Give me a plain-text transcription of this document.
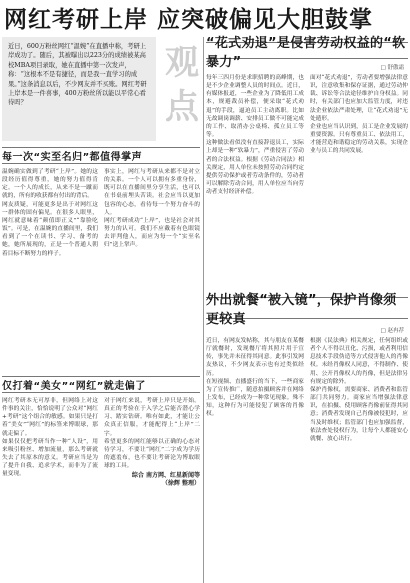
网红考研上岸 应突破偏见大胆鼓掌
近日，600万粉丝网红“温婉”在直播中称，考研上岸成功了。随后，其被曝出以223分的成绩被某高校MBA项目录取，她在直播中第一次发声，称：“这根本不是有捷径，而是我一直学习的成果。”这条消息以后，不少网友并不买账。网红考研上岸本是一件喜事，400万粉丝所以能以平常心看待吗？
观点
每一次“实至名归”都值得掌声

温婉确实做到了考研“上岸”。她的这段经历值得尊重，她的努力值得肯定。一个人的成长，从来不是一蹴而就的，所有的收获都有付出的背后。

网友质疑，可能更多是出于对网红这一群体的固有偏见。在很多人眼里，网红就意味着“颜值即正义”“靠脸吃饭”。可是，在温婉的直播间里，我们看到了一个在读书、学习、备考的她，她所展现的，正是一个普通人朝着目标不断努力的样子。

事实上，网红与考研从来都不是对立的关系。一个人可以拥有多重身份，既可以在直播间里分享生活，也可以在书桌前埋头苦读。社会应当以更加包容的心态，看待每一个努力奋斗的人。

网红考研成功“上岸”，也是社会对其努力的认可。我们不应戴着有色眼镜去评判他人，而应为每一个“实至名归”送上掌声。

仅打着“美女”“网红”就走偏了

网红考研本无可厚非，但网络上对这件事的关注，恰恰说明了公众对“网红+考研”这个组合的敏感。如果只是打着“美女”“网红”的标签来博眼球，那就走偏了。

如果仅仅把考研当作一种“人设”，用来吸引粉丝、增加流量，那么考研就失去了其原本的意义。考研应当是为了提升自我、追求学术，而非为了流量变现。

对于网红来说，考研上岸只是开始。真正的考验在于入学之后能否潜心学习、踏实钻研。唯有如此，才能让公众真正信服，才能配得上“上岸”二字。

希望更多的网红能够以正确的心态对待学习，不要让“网红”二字成为学历的遮羞布，也不要让考研沦为博取眼球的工具。

综合 南方网、红星新闻等
（徐辉 整理）
“花式劝退”是侵害劳动权益的“软暴力”	□ 舒傲霜

每年三四月份是求职招聘的高峰期，也是不少企业调整人员的时间点。近日，有媒体报道，一些企业为了降低用工成本，规避裁员补偿，便采取“花式劝退”的手段，逼迫员工主动离职。比如无故调岗调薪、安排员工做不可能完成的工作、取消办公桌椅、孤立员工等等。

这种做法看似没有直接辞退员工，实际上却是一种“软暴力”，严重侵害了劳动者的合法权益。根据《劳动合同法》相关规定，用人单位未按照劳动合同约定提供劳动保护或者劳动条件的，劳动者可以解除劳动合同，用人单位应当向劳动者支付经济补偿。

面对“花式劝退”，劳动者要增强法律意识，注意收集和保存证据，通过劳动仲裁、诉讼等合法途径维护自身权益。同时，有关部门也应加大监管力度，对违法企业依法严肃处理，让“花式劝退”无处遁形。

企业也应当认识到，员工是企业发展的重要资源。只有尊重员工、依法用工，才能营造和谐稳定的劳动关系，实现企业与员工的共同发展。

外出就餐“被入镜”，保护肖像须更较真
□ 赵冉荐

近日，有网友发帖称，其与朋友在某餐厅就餐时，发现餐厅将其照片用于宣传，事先并未征得其同意。此事引发网友热议，不少网友表示也有过类似经历。

在短视频、直播盛行的当下，一些商家为了宣传推广，随意拍摄顾客并在网络上发布，已经成为一种常见现象。殊不知，这种行为可能侵犯了顾客的肖像权。

根据《民法典》相关规定，任何组织或者个人不得以丑化、污损，或者利用信息技术手段伪造等方式侵害他人的肖像权。未经肖像权人同意，不得制作、使用、公开肖像权人的肖像，但是法律另有规定的除外。

保护肖像权，需要商家、消费者和监管部门共同努力。商家应当增强法律意识，在拍摄、使用顾客肖像前征得其同意；消费者发现自己肖像被侵犯时，应当及时维权；监管部门也应加强监督，依法查处侵权行为，让每个人都能安心就餐、放心出行。
